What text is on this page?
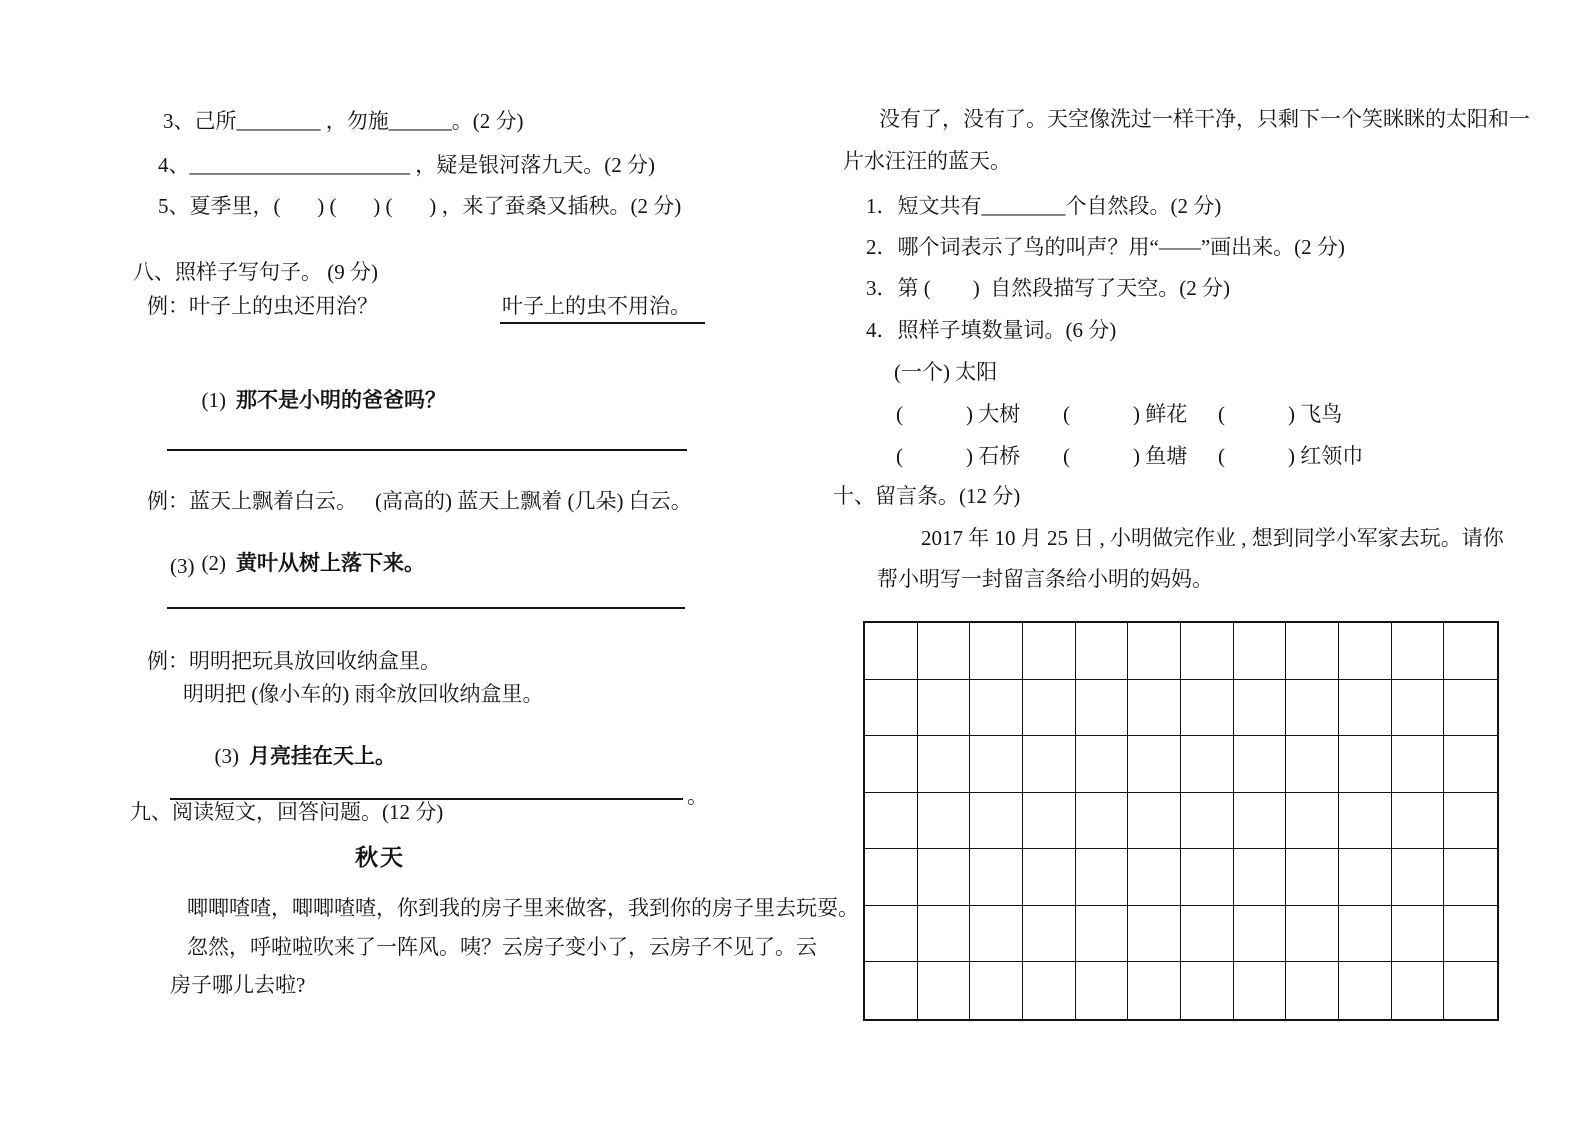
3、己所________ ，勿施______。(2 分)
4、_____________________ ，疑是银河落九天。(2 分)
5、夏季里，(       ) (       ) (       ) ，来了蚕桑又插秧。(2 分)
八、照样子写句子。 (9 分)
例：叶子上的虫还用治？	叶子上的虫不用治。

(1) 那不是小明的爸爸吗？

例：蓝天上飘着白云。 (高高的) 蓝天上飘着 (几朵) 白云。

(2) 黄叶从树上落下来。

(3)
例：明明把玩具放回收纳盒里。
明明把 (像小车的) 雨伞放回收纳盒里。

(3) 月亮挂在天上。

。
九、阅读短文，回答问题。(12 分)
秋天
唧唧喳喳，唧唧喳喳，你到我的房子里来做客，我到你的房子里去玩耍。
忽然，呼啦啦吹来了一阵风。咦？云房子变小了，云房子不见了。云
房子哪儿去啦?
没有了，没有了。天空像洗过一样干净，只剩下一个笑眯眯的太阳和一
片水汪汪的蓝天。
1．短文共有________个自然段。(2 分)
2．哪个词表示了鸟的叫声？用“——”画出来。(2 分)
3．第 (        )  自然段描写了天空。(2 分)
4．照样子填数量词。(6 分)
(一个) 太阳
(            ) 大树 (            ) 鲜花 (            ) 飞鸟
(            ) 石桥 (            ) 鱼塘 (            ) 红领巾
十、留言条。(12 分)
2017 年 10 月 25 日 , 小明做完作业 , 想到同学小军家去玩。请你
帮小明写一封留言条给小明的妈妈。
